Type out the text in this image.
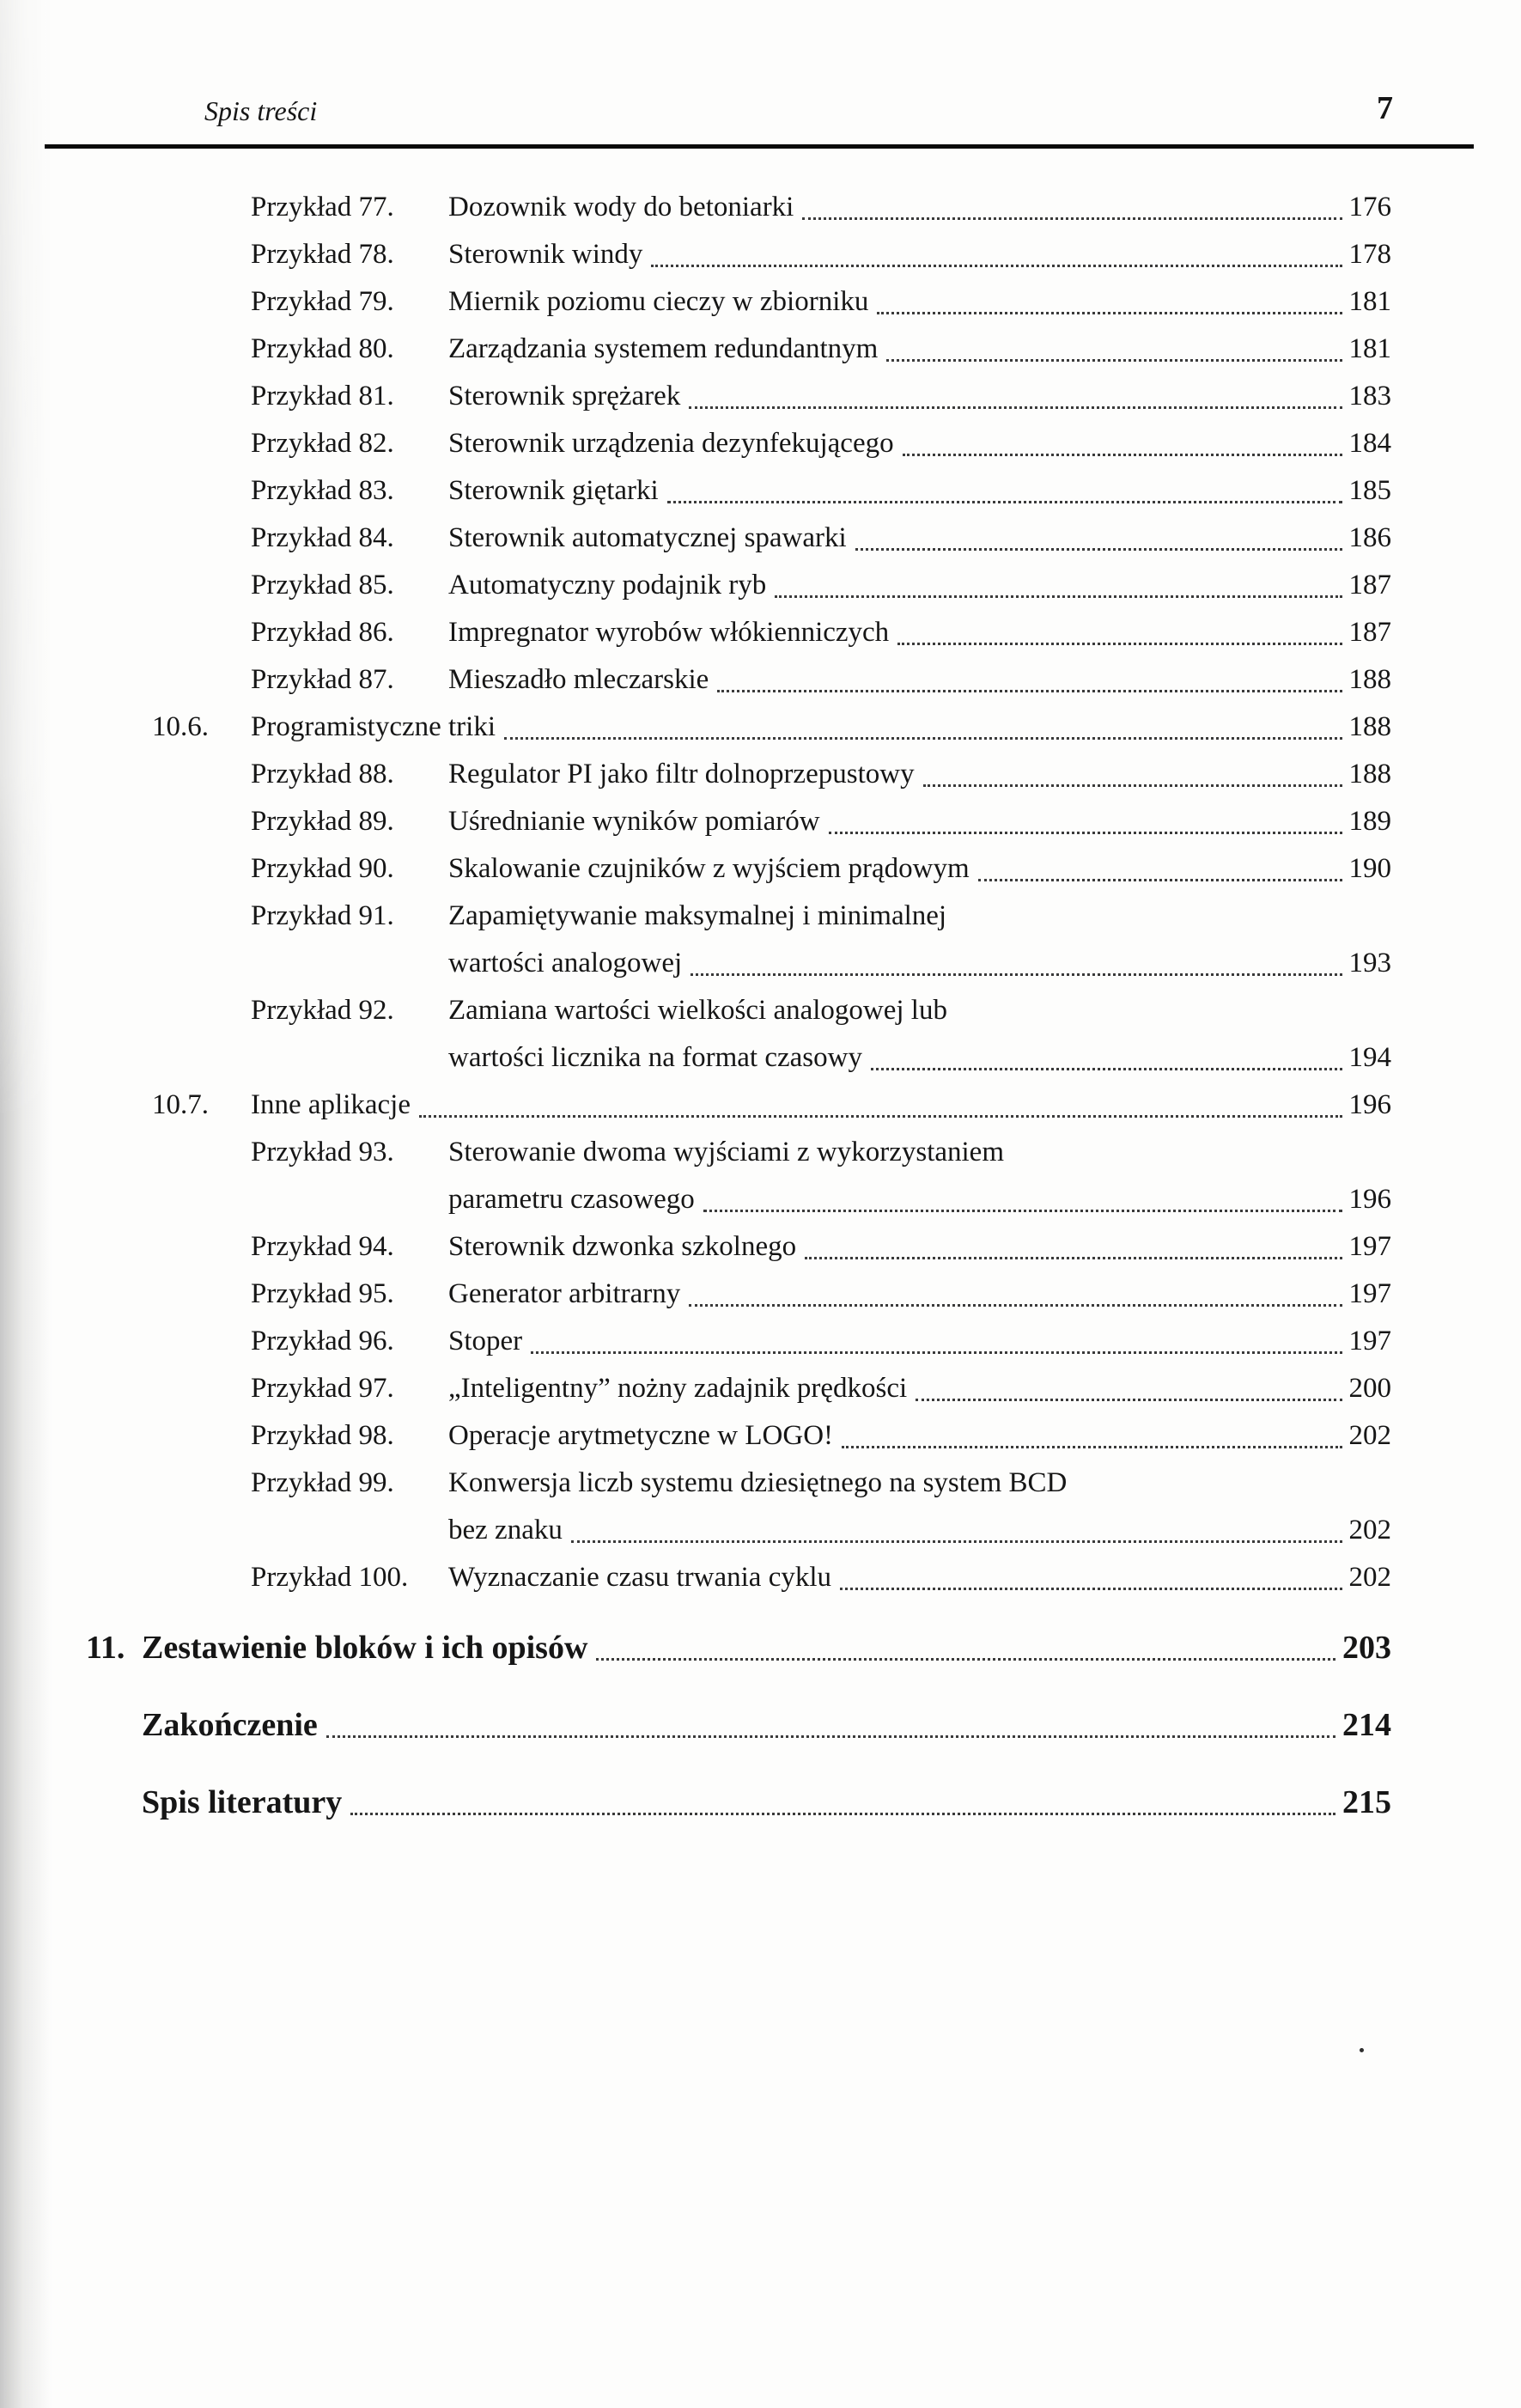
Spis treści	7
Przykład 77.	Dozownik wody do betoniarki	176
Przykład 78.	Sterownik windy	178
Przykład 79.	Miernik poziomu cieczy w zbiorniku	181
Przykład 80.	Zarządzania systemem redundantnym	181
Przykład 81.	Sterownik sprężarek	183
Przykład 82.	Sterownik urządzenia dezynfekującego	184
Przykład 83.	Sterownik giętarki	185
Przykład 84.	Sterownik automatycznej spawarki	186
Przykład 85.	Automatyczny podajnik ryb	187
Przykład 86.	Impregnator wyrobów włókienniczych	187
Przykład 87.	Mieszadło mleczarskie	188
10.6.	Programistyczne triki	188
Przykład 88.	Regulator PI jako filtr dolnoprzepustowy	188
Przykład 89.	Uśrednianie wyników pomiarów	189
Przykład 90.	Skalowanie czujników z wyjściem prądowym	190
Przykład 91.	Zapamiętywanie maksymalnej i minimalnej
wartości analogowej	193
Przykład 92.	Zamiana wartości wielkości analogowej lub
wartości licznika na format czasowy	194
10.7.	Inne aplikacje	196
Przykład 93.	Sterowanie dwoma wyjściami z wykorzystaniem
parametru czasowego	196
Przykład 94.	Sterownik dzwonka szkolnego	197
Przykład 95.	Generator arbitrarny	197
Przykład 96.	Stoper	197
Przykład 97.	„Inteligentny” nożny zadajnik prędkości	200
Przykład 98.	Operacje arytmetyczne w LOGO!	202
Przykład 99.	Konwersja liczb systemu dziesiętnego na system BCD
bez znaku	202
Przykład 100.	Wyznaczanie czasu trwania cyklu	202
11. Zestawienie bloków i ich opisów	203
Zakończenie	214
Spis literatury	215
